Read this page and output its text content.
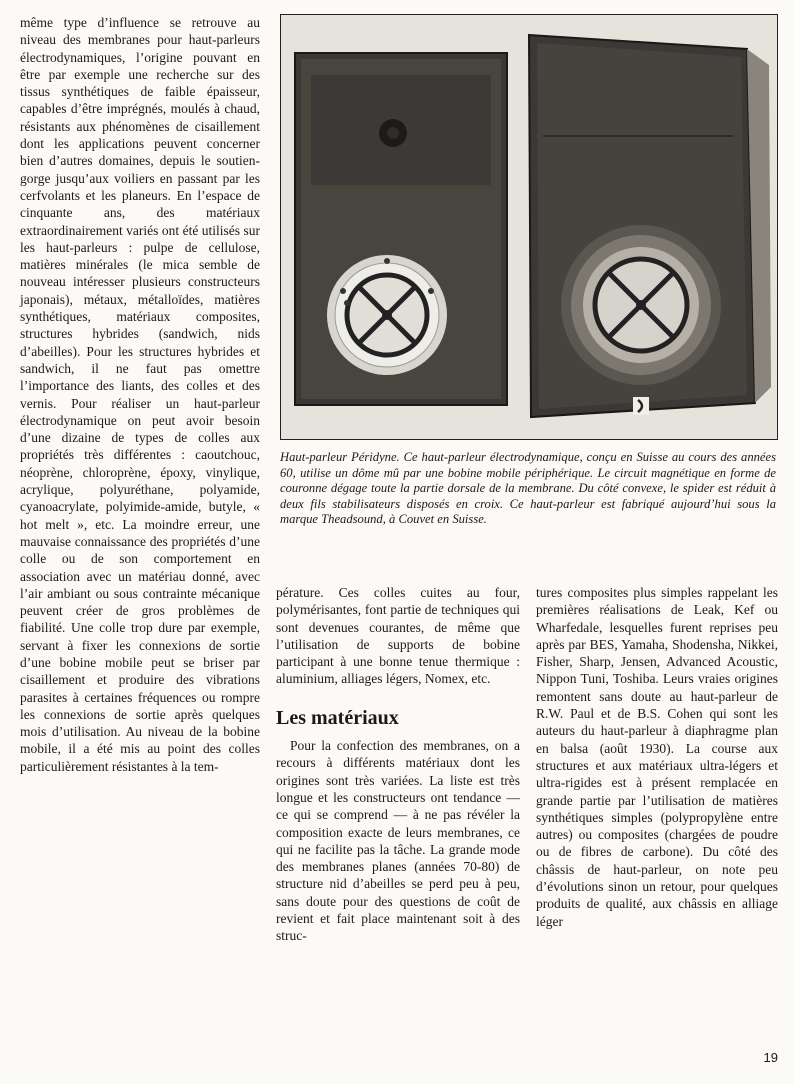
même type d’influence se retrouve au niveau des membranes pour haut-parleurs électrodynamiques, l’origine pouvant en être par exemple une recherche sur des tissus synthétiques de faible épaisseur, capables d’être imprégnés, moulés à chaud, résistants aux phénomènes de cisaillement dont les applications peuvent concerner bien d’autres domaines, depuis le soutien-gorge jusqu’aux voiliers en passant par les cerfvolants et les planeurs. En l’espace de cinquante ans, des matériaux extraordinairement variés ont été utilisés sur les haut-parleurs : pulpe de cellulose, matières minérales (le mica semble de nouveau intéresser plusieurs constructeurs japonais), métaux, métalloïdes, matières synthétiques, matériaux composites, structures hybrides (sandwich, nids d’abeilles). Pour les structures hybrides et sandwich, il ne faut pas omettre l’importance des liants, des colles et des vernis. Pour réaliser un haut-parleur électrodynamique on peut avoir besoin d’une dizaine de types de colles aux propriétés très différentes : caoutchouc, néoprène, chloroprène, époxy, vinylique, acrylique, polyuréthane, polyamide, cyanoacrylate, polyimide-amide, butyle, « hot melt », etc. La moindre erreur, une mauvaise connaissance des propriétés d’une colle ou de son comportement en association avec un matériau donné, avec l’air ambiant ou sous contrainte mécanique peuvent créer de gros problèmes de fiabilité. Une colle trop dure par exemple, servant à fixer les connexions de sortie d’une bobine mobile peut se briser par cisaillement et produire des vibrations parasites à certaines fréquences ou rompre les connexions de sortie après quelques mois d’utilisation. Au niveau de la bobine mobile, il a été mis au point des colles particulièrement résistantes à la tem-

Haut-parleur Péridyne. Ce haut-parleur électrodynamique, conçu en Suisse au cours des années 60, utilise un dôme mû par une bobine mobile périphérique. Le circuit magnétique en forme de couronne dégage toute la partie dorsale de la membrane. Du côté convexe, le spider est réduit à deux fils stabilisateurs disposés en croix. Ce haut-parleur est fabriqué aujourd’hui sous la marque Theadsound, à Couvet en Suisse.

pérature. Ces colles cuites au four, polymérisantes, font partie de techniques qui sont devenues courantes, de même que l’utilisation de supports de bobine participant à une bonne tenue thermique : aluminium, alliages légers, Nomex, etc.

Les matériaux

Pour la confection des membranes, on a recours à différents matériaux dont les origines sont très variées. La liste est très longue et les constructeurs ont tendance — ce qui se comprend — à ne pas révéler la composition exacte de leurs membranes, ce qui ne facilite pas la tâche. La grande mode des membranes planes (années 70-80) de structure nid d’abeilles se perd peu à peu, sans doute pour des questions de coût de revient et fait place maintenant soit à des struc-

tures composites plus simples rappelant les premières réalisations de Leak, Kef ou Wharfedale, lesquelles furent reprises peu après par BES, Yamaha, Shodensha, Nikkei, Fisher, Sharp, Jensen, Advanced Acoustic, Nippon Tuni, Toshiba. Leurs vraies origines remontent sans doute au haut-parleur de R.W. Paul et de B.S. Cohen qui sont les auteurs du haut-parleur à diaphragme plan en balsa (août 1930). La course aux structures et aux matériaux ultra-légers et ultra-rigides est à présent remplacée en grande partie par l’utilisation de matières synthétiques simples (polypropylène entre autres) ou composites (chargées de poudre ou de fibres de carbone). Du côté des châssis de haut-parleur, on note peu d’évolutions sinon un retour, pour quelques produits de qualité, aux châssis en alliage léger

19
